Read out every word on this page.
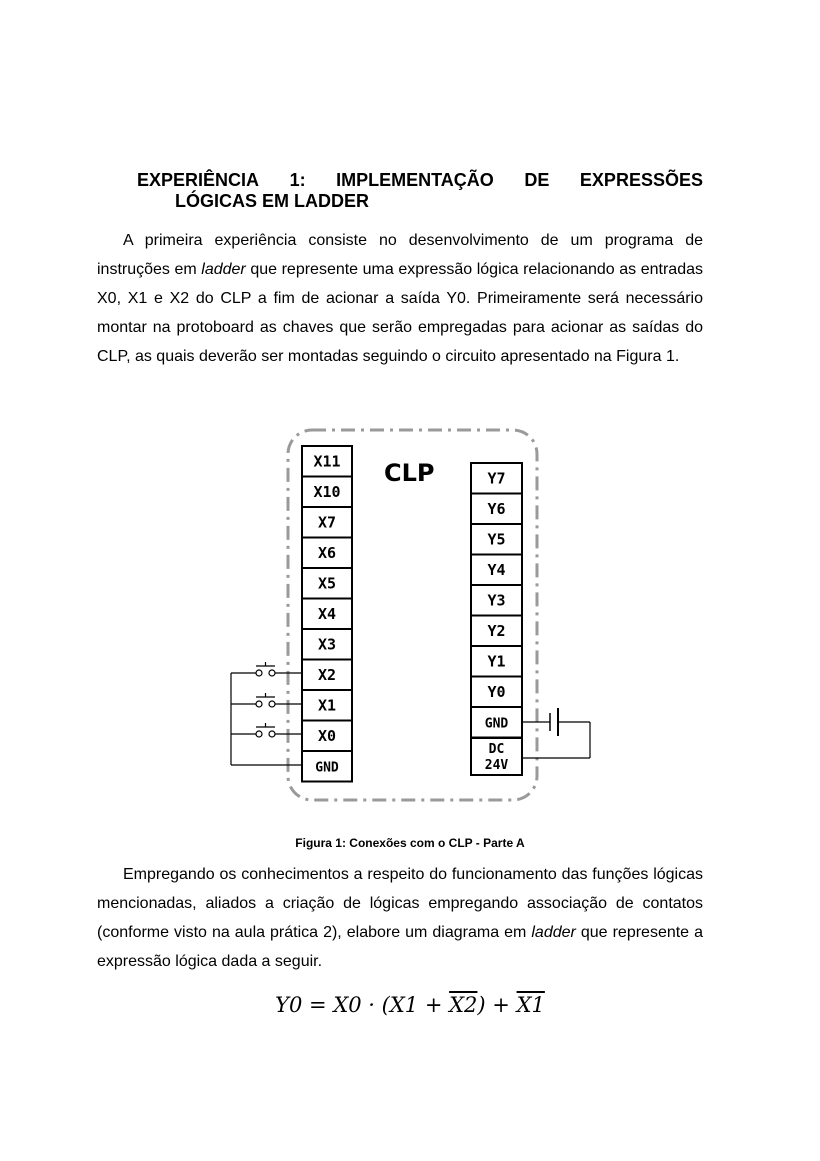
EXPERIÊNCIA 1: IMPLEMENTAÇÃO DE EXPRESSÕES
LÓGICAS EM LADDER

A primeira experiência consiste no desenvolvimento de um programa de instruções em ladder que represente uma expressão lógica relacionando as entradas X0, X1 e X2 do CLP a fim de acionar a saída Y0. Primeiramente será necessário montar na protoboard as chaves que serão empregadas para acionar as saídas do CLP, as quais deverão ser montadas seguindo o circuito apresentado na Figura 1.

CLP
X11
X10
X7
X6
X5
X4
X3
X2
X1
X0
GND
Y7
Y6
Y5
Y4
Y3
Y2
Y1
Y0
GND
DC
24V
Figura 1: Conexões com o CLP - Parte A

Empregando os conhecimentos a respeito do funcionamento das funções lógicas mencionadas, aliados a criação de lógicas empregando associação de contatos (conforme visto na aula prática 2), elabore um diagrama em ladder que represente a expressão lógica dada a seguir.

Y0 = X0 · (X1 + X2) + X1
